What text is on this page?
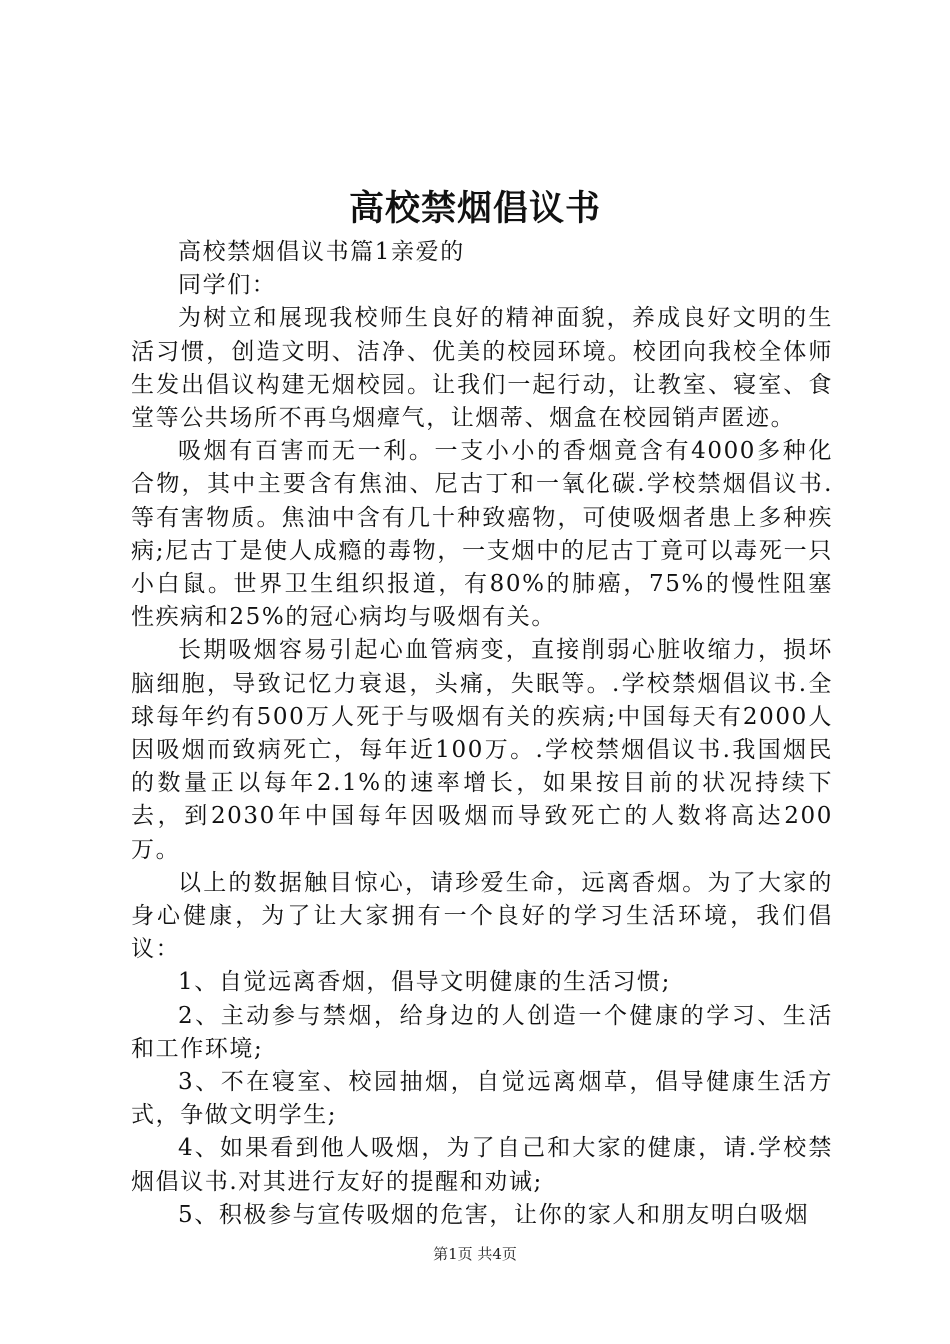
高校禁烟倡议书

高校禁烟倡议书篇1亲爱的

同学们：

为树立和展现我校师生良好的精神面貌，养成良好文明的生活习惯，创造文明、洁净、优美的校园环境。校团向我校全体师生发出倡议构建无烟校园。让我们一起行动，让教室、寝室、食堂等公共场所不再乌烟瘴气，让烟蒂、烟盒在校园销声匿迹。

吸烟有百害而无一利。一支小小的香烟竟含有4000多种化合物，其中主要含有焦油、尼古丁和一氧化碳.学校禁烟倡议书.等有害物质。焦油中含有几十种致癌物，可使吸烟者患上多种疾病;尼古丁是使人成瘾的毒物，一支烟中的尼古丁竟可以毒死一只小白鼠。世界卫生组织报道，有80%的肺癌，75%的慢性阻塞性疾病和25%的冠心病均与吸烟有关。

长期吸烟容易引起心血管病变，直接削弱心脏收缩力，损坏脑细胞，导致记忆力衰退，头痛，失眠等。.学校禁烟倡议书.全球每年约有500万人死于与吸烟有关的疾病;中国每天有2000人因吸烟而致病死亡，每年近100万。.学校禁烟倡议书.我国烟民的数量正以每年2.1%的速率增长，如果按目前的状况持续下去，到2030年中国每年因吸烟而导致死亡的人数将高达200万。

以上的数据触目惊心，请珍爱生命，远离香烟。为了大家的身心健康，为了让大家拥有一个良好的学习生活环境，我们倡议：

1、自觉远离香烟，倡导文明健康的生活习惯;

2、主动参与禁烟，给身边的人创造一个健康的学习、生活和工作环境;

3、不在寝室、校园抽烟，自觉远离烟草，倡导健康生活方式，争做文明学生;

4、如果看到他人吸烟，为了自己和大家的健康，请.学校禁烟倡议书.对其进行友好的提醒和劝诫;

5、积极参与宣传吸烟的危害，让你的家人和朋友明白吸烟

第1页 共4页
